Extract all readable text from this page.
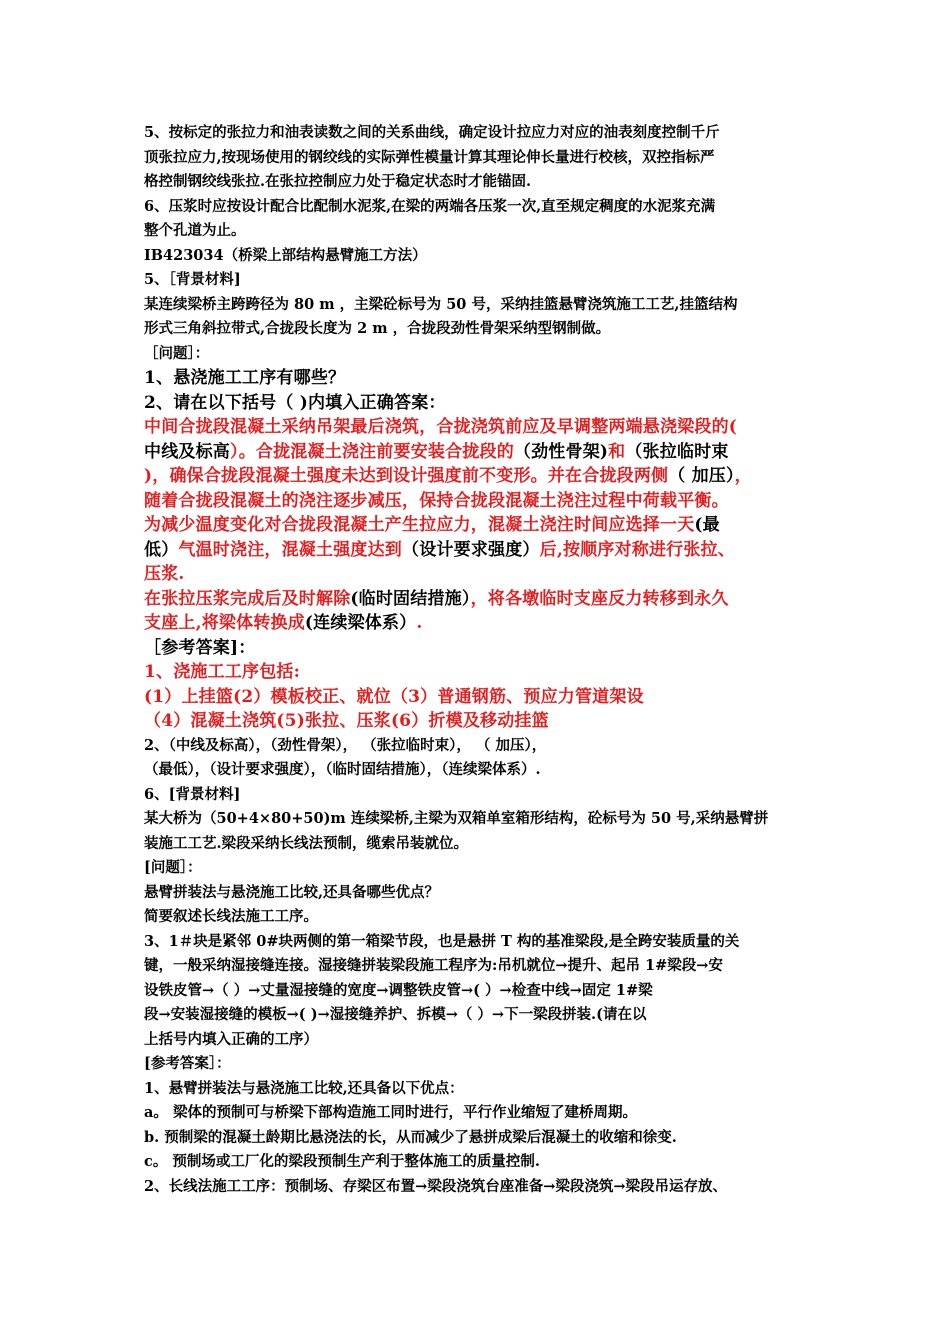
5、按标定的张拉力和油表读数之间的关系曲线，确定设计拉应力对应的油表刻度控制千斤

顶张拉应力,按现场使用的钢绞线的实际弹性模量计算其理论伸长量进行校核，双控指标严

格控制钢绞线张拉.在张拉控制应力处于稳定状态时才能锚固.

6、压浆时应按设计配合比配制水泥浆,在梁的两端各压浆一次,直至规定稠度的水泥浆充满

整个孔道为止。

IB423034（桥梁上部结构悬臂施工方法）

5、［背景材料]

某连续梁桥主跨跨径为 80 m ，主梁砼标号为 50 号，采纳挂篮悬臂浇筑施工工艺,挂篮结构

形式三角斜拉带式,合拢段长度为 2 m ，合拢段劲性骨架采纳型钢制做。

［问题］：

1、悬浇施工工序有哪些？

2、请在以下括号（ )内填入正确答案：

中间合拢段混凝土采纳吊架最后浇筑，合拢浇筑前应及早调整两端悬浇梁段的(

中线及标高）。合拢混凝土浇注前要安装合拢段的（劲性骨架)和（张拉临时束

)，确保合拢段混凝土强度未达到设计强度前不变形。并在合拢段两侧（ 加压），

随着合拢段混凝土的浇注逐步减压，保持合拢段混凝土浇注过程中荷载平衡。

为减少温度变化对合拢段混凝土产生拉应力，混凝土浇注时间应选择一天(最

低）气温时浇注，混凝土强度达到（设计要求强度）后,按顺序对称进行张拉、

压浆.

在张拉压浆完成后及时解除(临时固结措施），将各墩临时支座反力转移到永久

支座上,将梁体转换成(连续梁体系）.

［参考答案]：

1、浇施工工序包括:

(1）上挂篮(2）模板校正、就位（3）普通钢筋、预应力管道架设

（4）混凝土浇筑(5)张拉、压浆(6）折模及移动挂篮

2、（中线及标高），（劲性骨架）， （张拉临时束）， （ 加压），

（最低），（设计要求强度），（临时固结措施），（连续梁体系）.

6、[背景材料]

某大桥为（50+4×80+50)m 连续梁桥,主梁为双箱单室箱形结构，砼标号为 50 号,采纳悬臂拼

装施工工艺.梁段采纳长线法预制，缆索吊装就位。

[问题］：

悬臂拼装法与悬浇施工比较,还具备哪些优点？

简要叙述长线法施工工序。

3、1＃块是紧邻 0#块两侧的第一箱梁节段，也是悬拼 T 构的基准梁段,是全跨安装质量的关

键，一般采纳湿接缝连接。湿接缝拼装梁段施工程序为:吊机就位→提升、起吊 1#梁段→安

设铁皮管→（ ）→丈量湿接缝的宽度→调整铁皮管→( ）→检查中线→固定 1#梁

段→安装湿接缝的模板→( )→湿接缝养护、拆模→（ ）→下一梁段拼装.(请在以

上括号内填入正确的工序）

[参考答案］：

1、悬臂拼装法与悬浇施工比较,还具备以下优点：

a。 梁体的预制可与桥梁下部构造施工同时进行，平行作业缩短了建桥周期。

b. 预制梁的混凝土龄期比悬浇法的长，从而减少了悬拼成梁后混凝土的收缩和徐变.

c。 预制场或工厂化的梁段预制生产利于整体施工的质量控制.

2、长线法施工工序：预制场、存梁区布置→梁段浇筑台座准备→梁段浇筑→梁段吊运存放、
